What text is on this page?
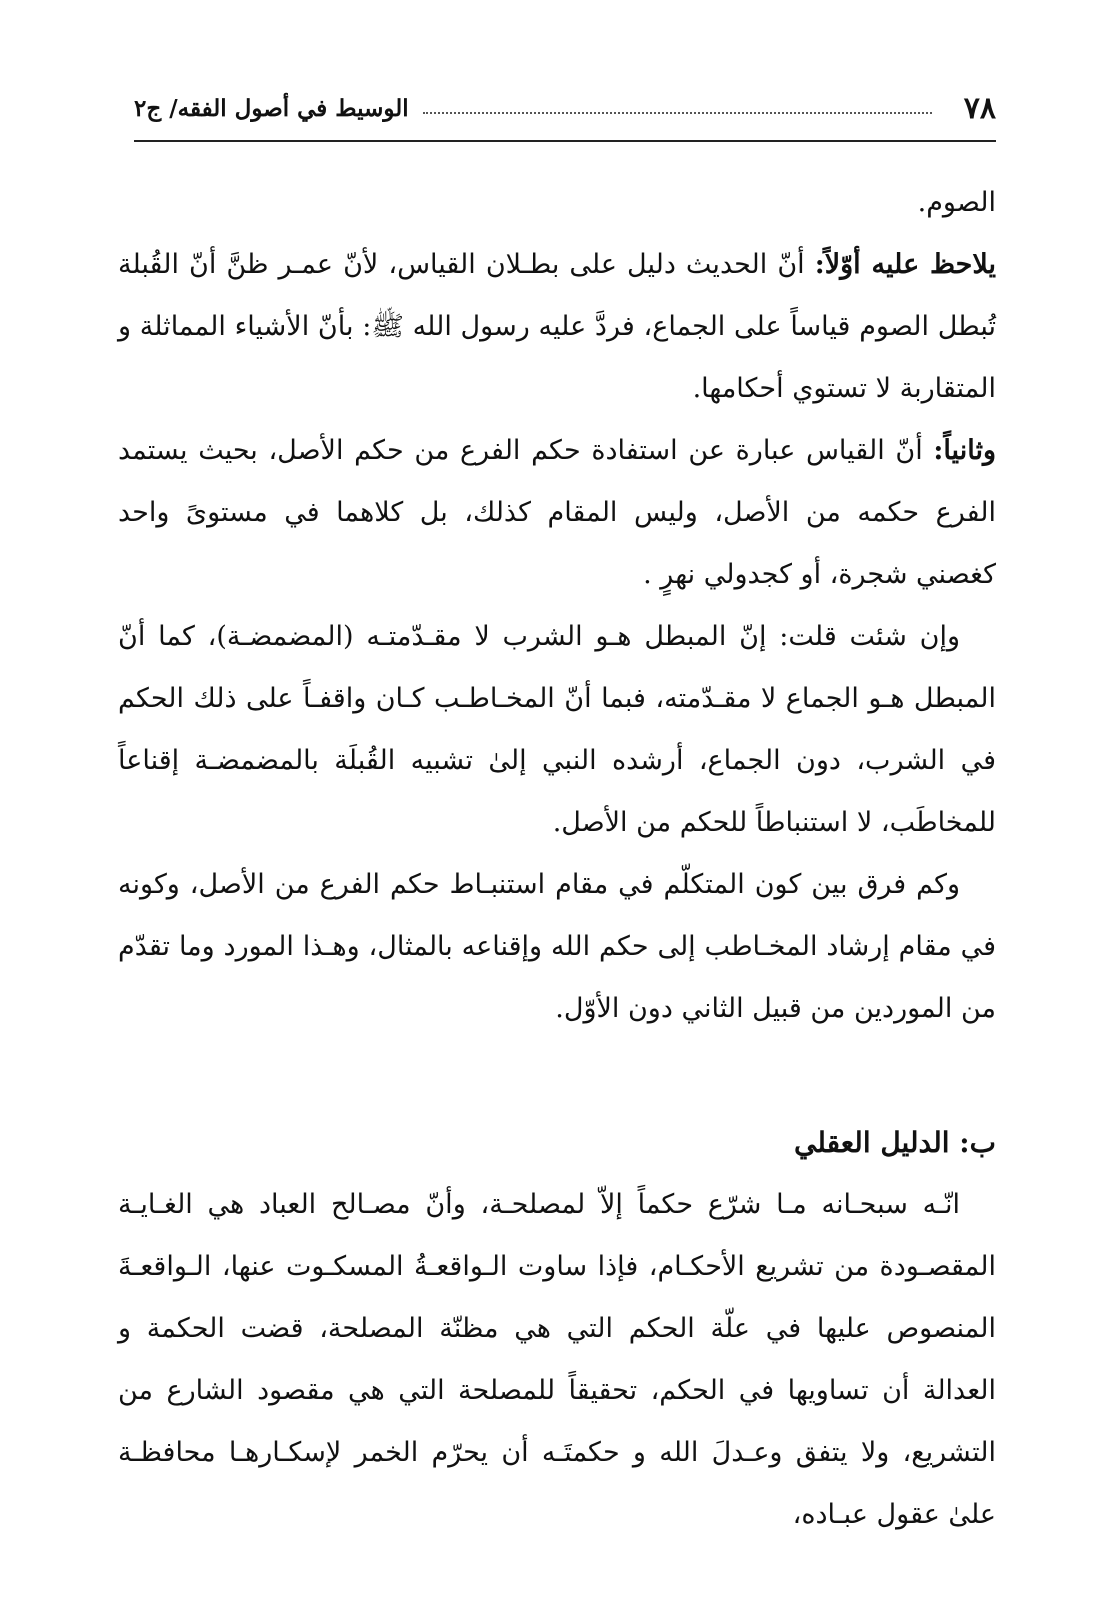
٧٨
الوسيط في أصول الفقه/ ج٢

الصوم.

يلاحظ عليه أوّلاً: أنّ الحديث دليل على بطـلان القياس، لأنّ عمـر ظنَّ أنّ القُبلة تُبطل الصوم قياساً على الجماع، فردَّ عليه رسول الله ﷺ: بأنّ الأشياء المماثلة و المتقاربة لا تستوي أحكامها.

وثانياً: أنّ القياس عبارة عن استفادة حكم الفرع من حكم الأصل، بحيث يستمد الفرع حكمه من الأصل، وليس المقام كذلك، بل كلاهما في مستوىً واحد كغصني شجرة، أو كجدولي نهرٍ .

وإن شئت قلت: إنّ المبطل هـو الشرب لا مقـدّمتـه (المضمضـة)، كما أنّ المبطل هـو الجماع لا مقـدّمته، فبما أنّ المخـاطـب كـان واقفـاً على ذلك الحكم في الشرب، دون الجماع، أرشده النبي إلىٰ تشبيه القُبلَة بالمضمضـة إقناعاً للمخاطَب، لا استنباطاً للحكم من الأصل.

وكم فرق بين كون المتكلّم في مقام استنبـاط حكم الفرع من الأصل، وكونه في مقام إرشاد المخـاطب إلى حكم الله وإقناعه بالمثال، وهـذا المورد وما تقدّم من الموردين من قبيل الثاني دون الأوّل.

ب: الدليل العقلي

انّـه سبحـانه مـا شرّع حكماً إلاّ لمصلحـة، وأنّ مصـالح العباد هي الغـايـة المقصـودة من تشريع الأحكـام، فإذا ساوت الـواقعـةُ المسكـوت عنها، الـواقعـةَ المنصوص عليها في علّة الحكم التي هي مظنّة المصلحة، قضت الحكمة و العدالة أن تساويها في الحكم، تحقيقاً للمصلحة التي هي مقصود الشارع من التشريع، ولا يتفق وعـدلَ الله و حكمتَـه أن يحرّم الخمر لإسكـارهـا محافظـة علىٰ عقول عبـاده،
